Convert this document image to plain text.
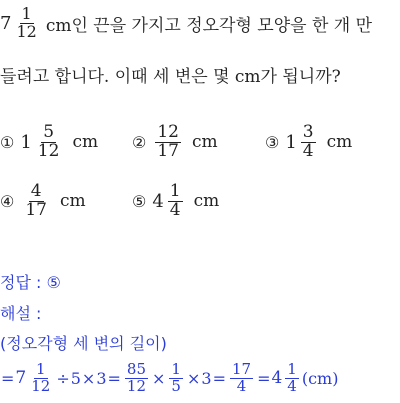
$7 \frac{1}{12}$ cm인 끈을 가지고 정오각형 모양을 한 개 만
들려고 합니다. 이때 세 변은 몇 cm가 됩니까?
① $1 \frac{5}{12}$ cm ② $\frac{12}{17}$ cm	③ $1 \frac{3}{4}$ cm
④ $\frac{4}{17}$ cm	⑤ $4 \frac{1}{4}$ cm
정답 : ⑤
해설 :
(정오각형 세 변의 길이)
= $7 \frac{1}{12} \div 5 \times 3 = \frac{85}{12} \times \frac{1}{5} \times 3 = \frac{17}{4} = 4 \frac{1}{4} (cm)$
